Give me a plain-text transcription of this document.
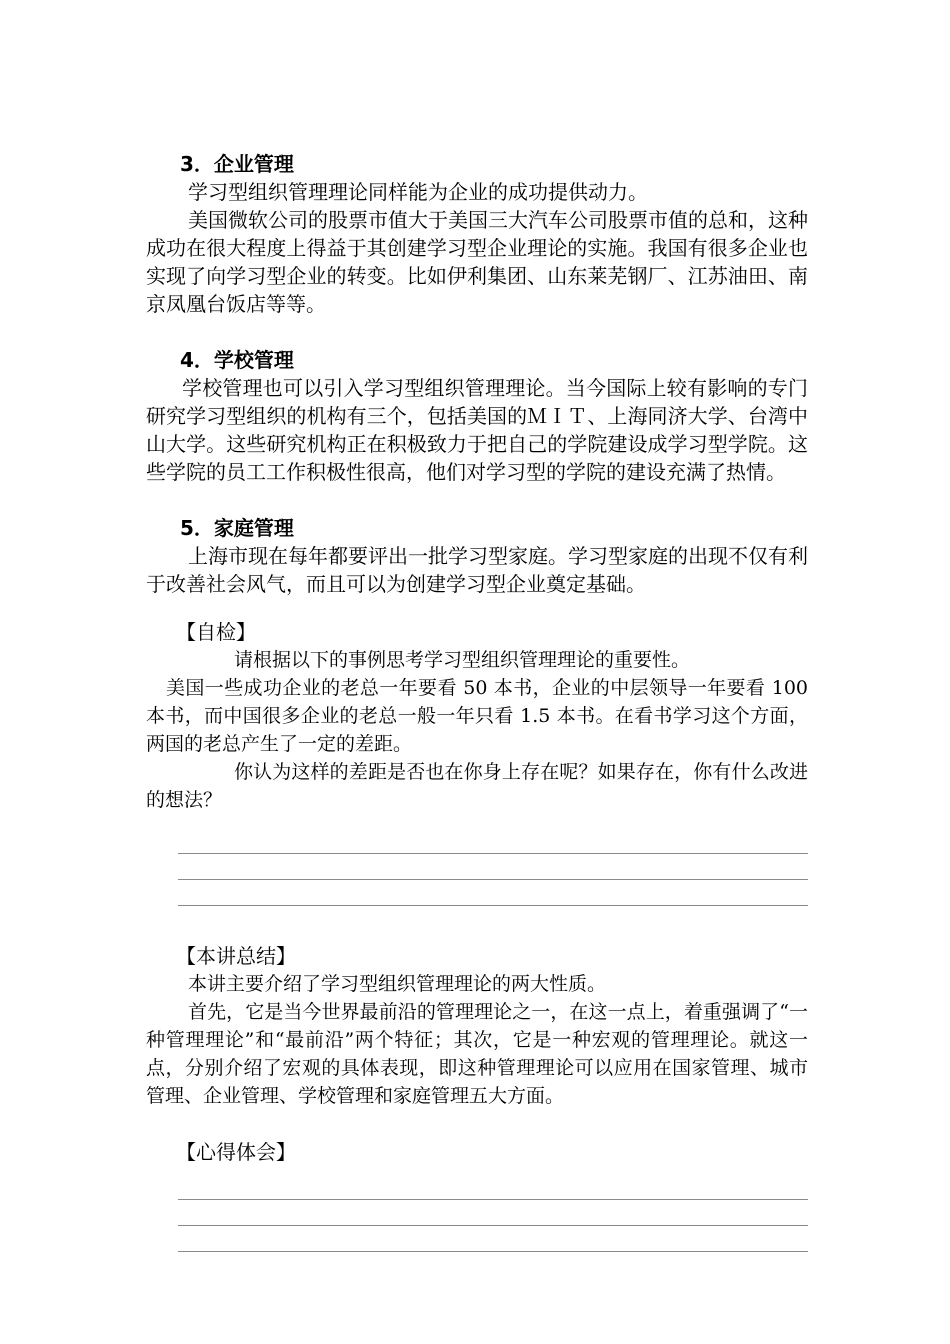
3．企业管理
学习型组织管理理论同样能为企业的成功提供动力。
美国微软公司的股票市值大于美国三大汽车公司股票市值的总和，这种成功在很大程度上得益于其创建学习型企业理论的实施。我国有很多企业也实现了向学习型企业的转变。比如伊利集团、山东莱芜钢厂、江苏油田、南京凤凰台饭店等等。
4．学校管理
学校管理也可以引入学习型组织管理理论。当今国际上较有影响的专门研究学习型组织的机构有三个，包括美国的ＭＩＴ、上海同济大学、台湾中山大学。这些研究机构正在积极致力于把自己的学院建设成学习型学院。这些学院的员工工作积极性很高，他们对学习型的学院的建设充满了热情。
5．家庭管理
上海市现在每年都要评出一批学习型家庭。学习型家庭的出现不仅有利于改善社会风气，而且可以为创建学习型企业奠定基础。
【自检】
请根据以下的事例思考学习型组织管理理论的重要性。
美国一些成功企业的老总一年要看 50 本书，企业的中层领导一年要看 100 本书，而中国很多企业的老总一般一年只看 1.5 本书。在看书学习这个方面，两国的老总产生了一定的差距。
你认为这样的差距是否也在你身上存在呢？如果存在，你有什么改进的想法？
【本讲总结】
本讲主要介绍了学习型组织管理理论的两大性质。
首先，它是当今世界最前沿的管理理论之一，在这一点上，着重强调了“一种管理理论”和“最前沿”两个特征；其次，它是一种宏观的管理理论。就这一点，分别介绍了宏观的具体表现，即这种管理理论可以应用在国家管理、城市管理、企业管理、学校管理和家庭管理五大方面。
【心得体会】
